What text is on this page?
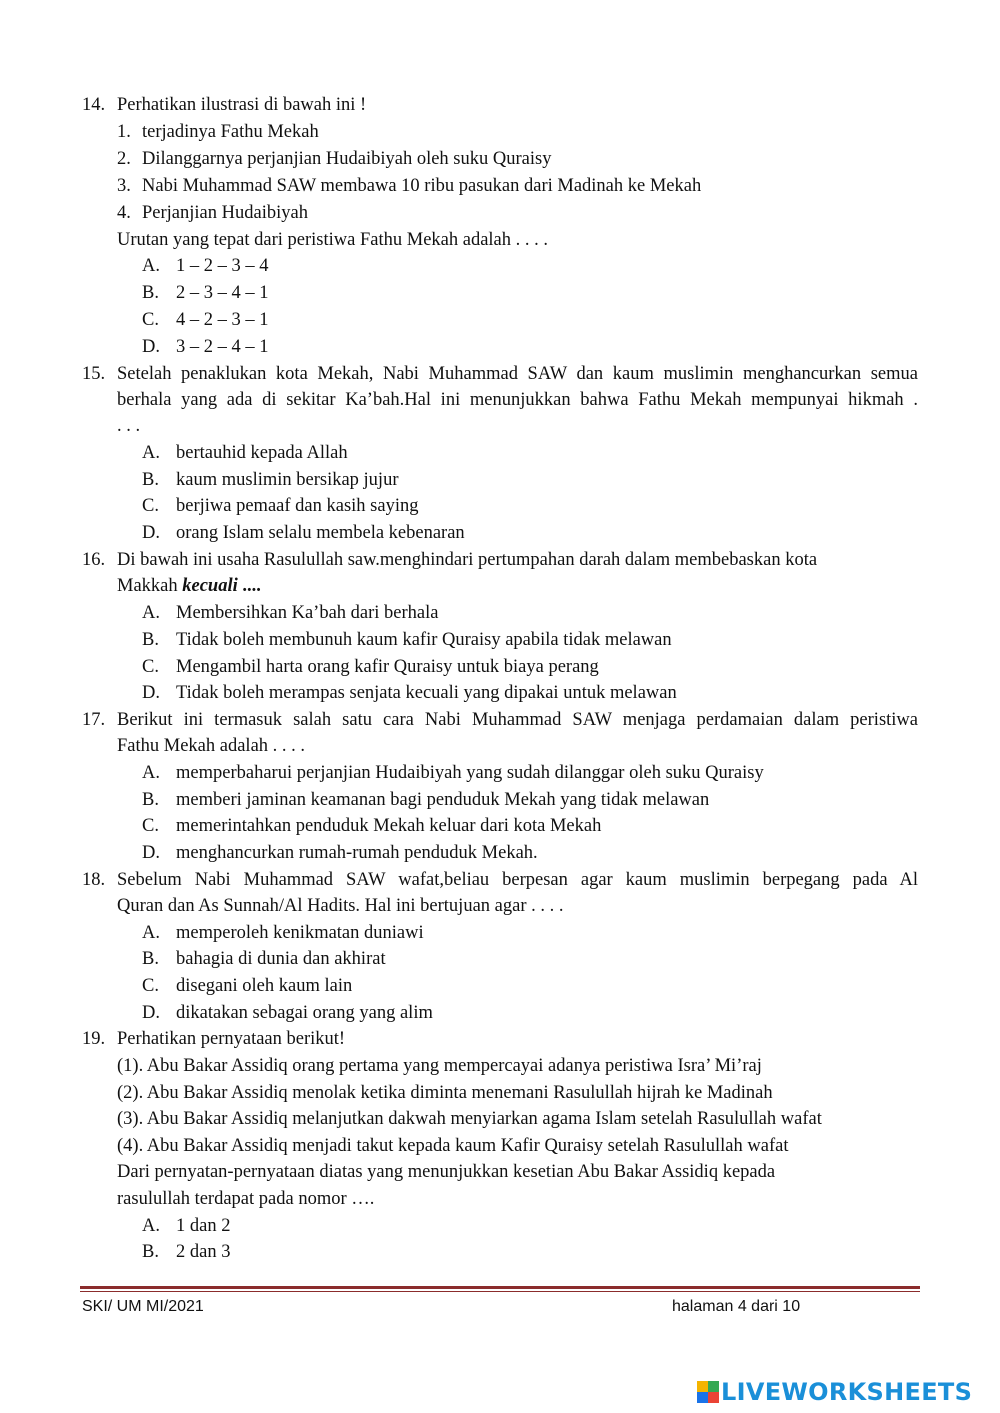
14. Perhatikan ilustrasi di bawah ini !
1. terjadinya Fathu Mekah
2. Dilanggarnya perjanjian Hudaibiyah oleh suku Quraisy
3. Nabi Muhammad SAW membawa 10 ribu pasukan dari Madinah ke Mekah
4. Perjanjian Hudaibiyah
Urutan yang tepat dari peristiwa Fathu Mekah adalah . . . .
A. 1 – 2 – 3 – 4
B. 2 – 3 – 4 – 1
C. 4 – 2 – 3 – 1
D. 3 – 2 – 4 – 1
15. Setelah penaklukan kota Mekah, Nabi Muhammad SAW dan kaum muslimin menghancurkan semua
berhala yang ada di sekitar Ka’bah.Hal ini menunjukkan bahwa Fathu Mekah mempunyai hikmah .
. . .
A. bertauhid kepada Allah
B. kaum muslimin bersikap jujur
C. berjiwa pemaaf dan kasih saying
D. orang Islam selalu membela kebenaran
16. Di bawah ini usaha Rasulullah saw.menghindari pertumpahan darah dalam membebaskan kota
Makkah kecuali ....
A. Membersihkan Ka’bah dari berhala
B. Tidak boleh membunuh kaum kafir Quraisy apabila tidak melawan
C. Mengambil harta orang kafir Quraisy untuk biaya perang
D. Tidak boleh merampas senjata kecuali yang dipakai untuk melawan
17. Berikut ini termasuk salah satu cara Nabi Muhammad SAW menjaga perdamaian dalam peristiwa
Fathu Mekah adalah . . . .
A. memperbaharui perjanjian Hudaibiyah yang sudah dilanggar oleh suku Quraisy
B. memberi jaminan keamanan bagi penduduk Mekah yang tidak melawan
C. memerintahkan penduduk Mekah keluar dari kota Mekah
D. menghancurkan rumah-rumah penduduk Mekah.
18. Sebelum Nabi Muhammad SAW wafat,beliau berpesan agar kaum muslimin berpegang pada Al
Quran dan As Sunnah/Al Hadits. Hal ini bertujuan agar . . . .
A. memperoleh kenikmatan duniawi
B. bahagia di dunia dan akhirat
C. disegani oleh kaum lain
D. dikatakan sebagai orang yang alim
19. Perhatikan pernyataan berikut!
(1). Abu Bakar Assidiq orang pertama yang mempercayai adanya peristiwa Isra’ Mi’raj
(2). Abu Bakar Assidiq menolak ketika diminta menemani Rasulullah hijrah ke Madinah
(3). Abu Bakar Assidiq melanjutkan dakwah menyiarkan agama Islam setelah Rasulullah wafat
(4). Abu Bakar Assidiq menjadi takut kepada kaum Kafir Quraisy setelah Rasulullah wafat
Dari pernyatan-pernyataan diatas yang menunjukkan kesetian Abu Bakar Assidiq kepada
rasulullah terdapat pada nomor ….
A. 1 dan 2
B. 2 dan 3
SKI/ UM MI/2021	halaman 4 dari 10
LIVEWORKSHEETS
